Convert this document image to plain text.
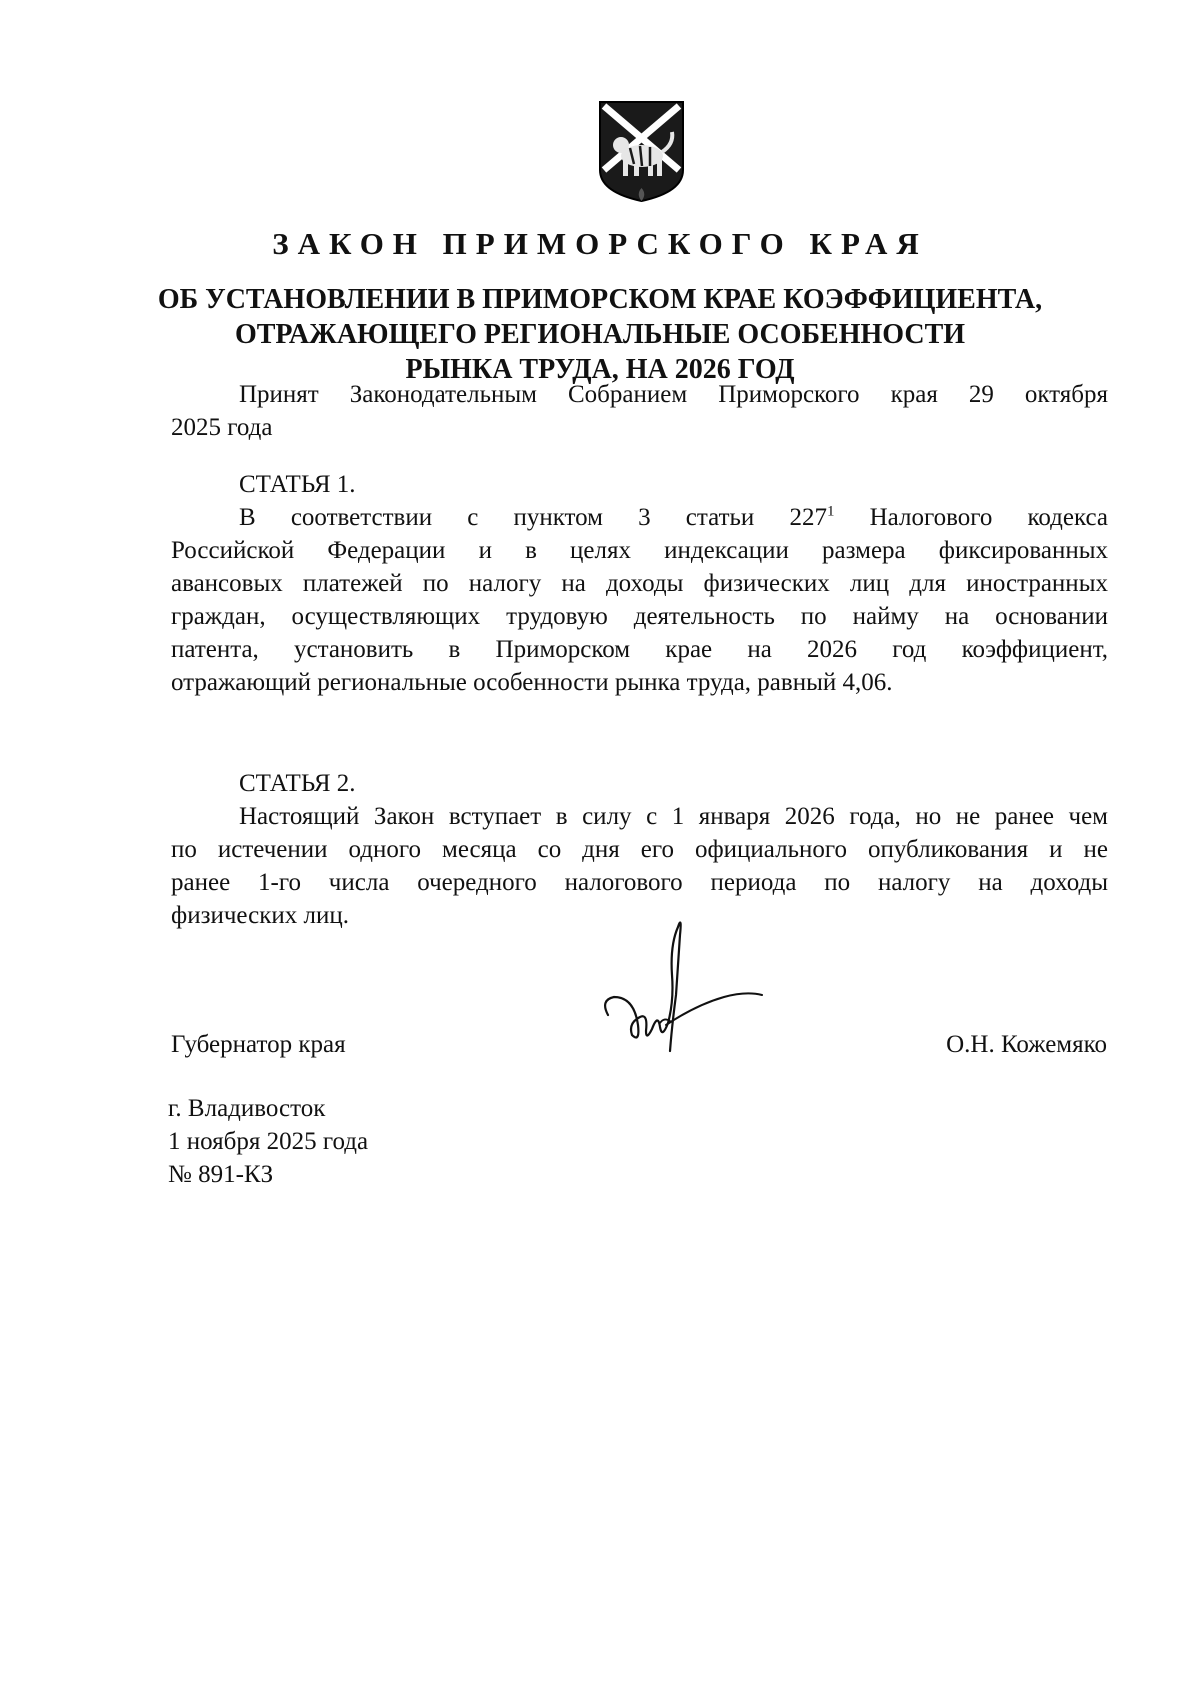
ЗАКОН ПРИМОРСКОГО КРАЯ
ОБ УСТАНОВЛЕНИИ В ПРИМОРСКОМ КРАЕ КОЭФФИЦИЕНТА,
ОТРАЖАЮЩЕГО РЕГИОНАЛЬНЫЕ ОСОБЕННОСТИ
РЫНКА ТРУДА, НА 2026 ГОД
Принят Законодательным Собранием Приморского края 29 октября
2025 года
СТАТЬЯ 1.
В соответствии с пунктом 3 статьи $227^1$ Налогового кодекса
Российской Федерации и в целях индексации размера фиксированных
авансовых платежей по налогу на доходы физических лиц для иностранных
граждан, осуществляющих трудовую деятельность по найму на основании
патента, установить в Приморском крае на 2026 год коэффициент,
отражающий региональные особенности рынка труда, равный 4,06.
СТАТЬЯ 2.
Настоящий Закон вступает в силу с 1 января 2026 года, но не ранее чем
по истечении одного месяца со дня его официального опубликования и не
ранее 1-го числа очередного налогового периода по налогу на доходы
физических лиц.
Губернатор края	О.Н. Кожемяко
г. Владивосток
1 ноября 2025 года
№ 891-КЗ
